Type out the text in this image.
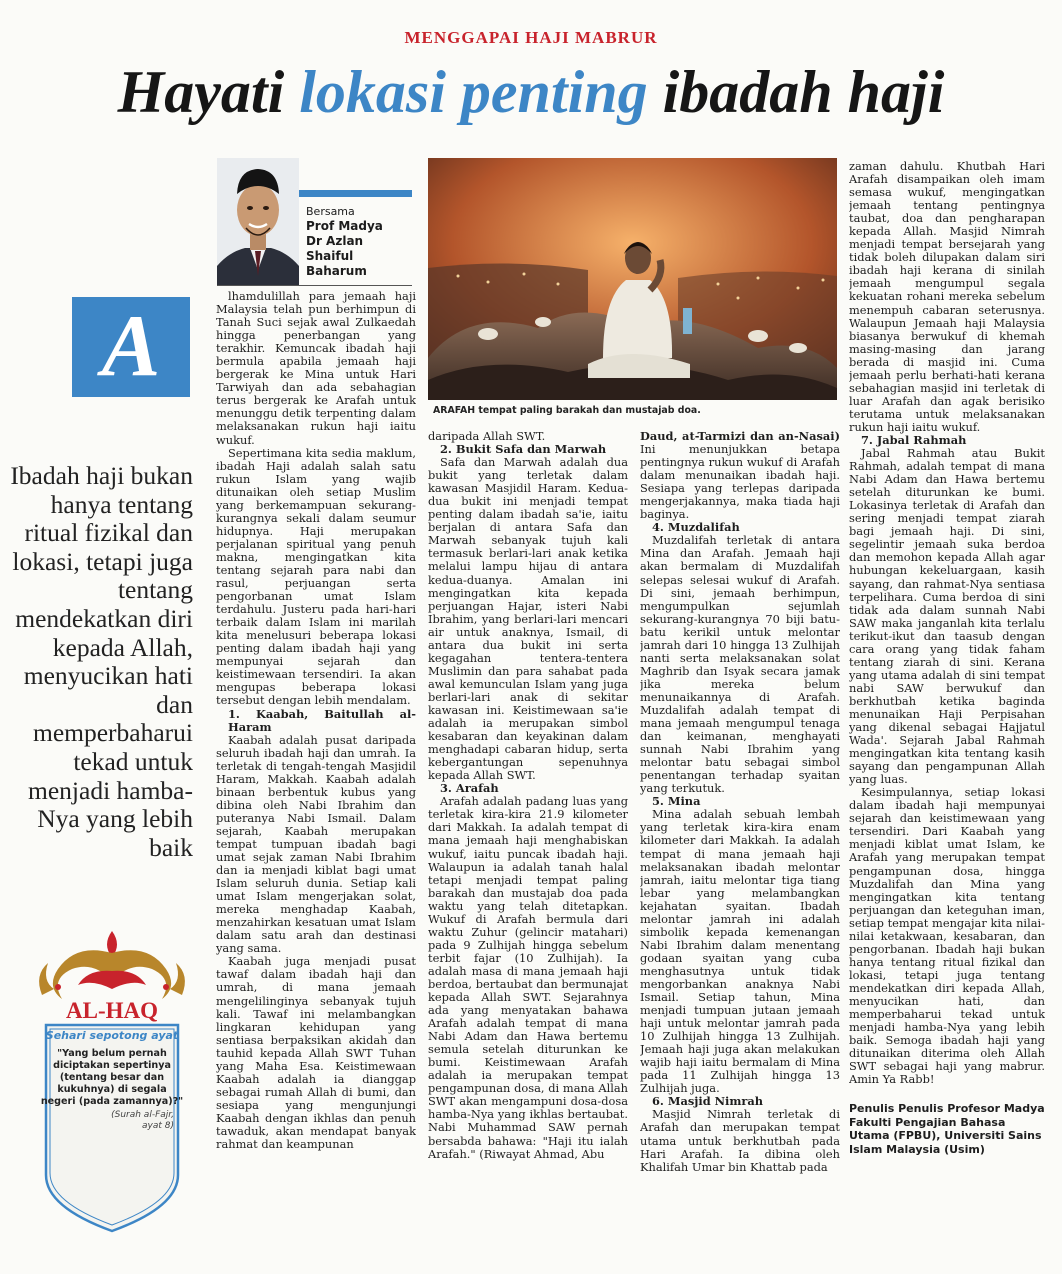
MENGGAPAI HAJI MABRUR
Hayati lokasi penting ibadah haji
Bersama
Prof Madya
Dr Azlan Shaiful
Baharum
A
Ibadah haji bukan hanya tentang ritual fizikal dan lokasi, tetapi juga tentang mendekatkan diri kepada Allah, menyucikan hati dan memperbaharui tekad untuk menjadi hamba-Nya yang lebih baik
AL-HAQ
Sehari sepotong ayat
"Yang belum pernah diciptakan sepertinya (tentang besar dan kukuhnya) di segala negeri (pada zamannya)?"
(Surah al-Fajr,
ayat 8)
ARAFAH tempat paling barakah dan mustajab doa.

lhamdulillah para jemaah haji Malaysia telah pun berhimpun di Tanah Suci sejak awal Zulkaedah hingga penerbangan yang terakhir. Kemuncak ibadah haji bermula apabila jemaah haji bergerak ke Mina untuk Hari Tarwiyah dan ada sebahagian terus bergerak ke Arafah untuk menunggu detik terpenting dalam melaksanakan rukun haji iaitu wukuf.

Sepertimana kita sedia maklum, ibadah Haji adalah salah satu rukun Islam yang wajib ditunaikan oleh setiap Muslim yang berkemampuan sekurang-kurangnya sekali dalam seumur hidupnya. Haji merupakan perjalanan spiritual yang penuh makna, mengingatkan kita tentang sejarah para nabi dan rasul, perjuangan serta pengorbanan umat Islam terdahulu. Justeru pada hari-hari terbaik dalam Islam ini marilah kita menelusuri beberapa lokasi penting dalam ibadah haji yang mempunyai sejarah dan keistimewaan tersendiri. Ia akan mengupas beberapa lokasi tersebut dengan lebih mendalam.

1. Kaabah, Baitullah al-Haram

Kaabah adalah pusat daripada seluruh ibadah haji dan umrah. Ia terletak di tengah-tengah Masjidil Haram, Makkah. Kaabah adalah binaan berbentuk kubus yang dibina oleh Nabi Ibrahim dan puteranya Nabi Ismail. Dalam sejarah, Kaabah merupakan tempat tumpuan ibadah bagi umat sejak zaman Nabi Ibrahim dan ia menjadi kiblat bagi umat Islam seluruh dunia. Setiap kali umat Islam mengerjakan solat, mereka menghadap Kaabah, menzahirkan kesatuan umat Islam dalam satu arah dan destinasi yang sama.

Kaabah juga menjadi pusat tawaf dalam ibadah haji dan umrah, di mana jemaah mengelilinginya sebanyak tujuh kali. Tawaf ini melambangkan lingkaran kehidupan yang sentiasa berpaksikan akidah dan tauhid kepada Allah SWT Tuhan yang Maha Esa. Keistimewaan Kaabah adalah ia dianggap sebagai rumah Allah di bumi, dan sesiapa yang mengunjungi Kaabah dengan ikhlas dan penuh tawaduk, akan mendapat banyak rahmat dan keampunan

daripada Allah SWT.

2. Bukit Safa dan Marwah

Safa dan Marwah adalah dua bukit yang terletak dalam kawasan Masjidil Haram. Kedua-dua bukit ini menjadi tempat penting dalam ibadah sa'ie, iaitu berjalan di antara Safa dan Marwah sebanyak tujuh kali termasuk berlari-lari anak ketika melalui lampu hijau di antara kedua-duanya. Amalan ini mengingatkan kita kepada perjuangan Hajar, isteri Nabi Ibrahim, yang berlari-lari mencari air untuk anaknya, Ismail, di antara dua bukit ini serta kegagahan tentera-tentera Muslimin dan para sahabat pada awal kemunculan Islam yang juga berlari-lari anak di sekitar kawasan ini. Keistimewaan sa'ie adalah ia merupakan simbol kesabaran dan keyakinan dalam menghadapi cabaran hidup, serta kebergantungan sepenuhnya kepada Allah SWT.

3. Arafah

Arafah adalah padang luas yang terletak kira-kira 21.9 kilometer dari Makkah. Ia adalah tempat di mana jemaah haji menghabiskan wukuf, iaitu puncak ibadah haji. Walaupun ia adalah tanah halal tetapi menjadi tempat paling barakah dan mustajab doa pada waktu yang telah ditetapkan. Wukuf di Arafah bermula dari waktu Zuhur (gelincir matahari) pada 9 Zulhijah hingga sebelum terbit fajar (10 Zulhijah). Ia adalah masa di mana jemaah haji berdoa, bertaubat dan bermunajat kepada Allah SWT. Sejarahnya ada yang menyatakan bahawa Arafah adalah tempat di mana Nabi Adam dan Hawa bertemu semula setelah diturunkan ke bumi. Keistimewaan Arafah adalah ia merupakan tempat pengampunan dosa, di mana Allah SWT akan mengampuni dosa-dosa hamba-Nya yang ikhlas bertaubat. Nabi Muhammad SAW pernah bersabda bahawa: "Haji itu ialah Arafah." (Riwayat Ahmad, Abu

Daud, at-Tarmizi dan an-Nasai) Ini menunjukkan betapa pentingnya rukun wukuf di Arafah dalam menunaikan ibadah haji. Sesiapa yang terlepas daripada mengerjakannya, maka tiada haji baginya.

4. Muzdalifah

Muzdalifah terletak di antara Mina dan Arafah. Jemaah haji akan bermalam di Muzdalifah selepas selesai wukuf di Arafah. Di sini, jemaah berhimpun, mengumpulkan sejumlah sekurang-kurangnya 70 biji batu-batu kerikil untuk melontar jamrah dari 10 hingga 13 Zulhijah nanti serta melaksanakan solat Maghrib dan Isyak secara jamak jika mereka belum menunaikannya di Arafah. Muzdalifah adalah tempat di mana jemaah mengumpul tenaga dan keimanan, menghayati sunnah Nabi Ibrahim yang melontar batu sebagai simbol penentangan terhadap syaitan yang terkutuk.

5. Mina

Mina adalah sebuah lembah yang terletak kira-kira enam kilometer dari Makkah. Ia adalah tempat di mana jemaah haji melaksanakan ibadah melontar jamrah, iaitu melontar tiga tiang lebar yang melambangkan kejahatan syaitan. Ibadah melontar jamrah ini adalah simbolik kepada kemenangan Nabi Ibrahim dalam menentang godaan syaitan yang cuba menghasutnya untuk tidak mengorbankan anaknya Nabi Ismail. Setiap tahun, Mina menjadi tumpuan jutaan jemaah haji untuk melontar jamrah pada 10 Zulhijah hingga 13 Zulhijah. Jemaah haji juga akan melakukan wajib haji iaitu bermalam di Mina pada 11 Zulhijah hingga 13 Zulhijah juga.

6. Masjid Nimrah

Masjid Nimrah terletak di Arafah dan merupakan tempat utama untuk berkhutbah pada Hari Arafah. Ia dibina oleh Khalifah Umar bin Khattab pada

zaman dahulu. Khutbah Hari Arafah disampaikan oleh imam semasa wukuf, mengingatkan jemaah tentang pentingnya taubat, doa dan pengharapan kepada Allah. Masjid Nimrah menjadi tempat bersejarah yang tidak boleh dilupakan dalam siri ibadah haji kerana di sinilah jemaah mengumpul segala kekuatan rohani mereka sebelum menempuh cabaran seterusnya. Walaupun Jemaah haji Malaysia biasanya berwukuf di khemah masing-masing dan jarang berada di masjid ini. Cuma jemaah perlu berhati-hati kerana sebahagian masjid ini terletak di luar Arafah dan agak berisiko terutama untuk melaksanakan rukun haji iaitu wukuf.

7. Jabal Rahmah

Jabal Rahmah atau Bukit Rahmah, adalah tempat di mana Nabi Adam dan Hawa bertemu setelah diturunkan ke bumi. Lokasinya terletak di Arafah dan sering menjadi tempat ziarah bagi jemaah haji. Di sini, segelintir jemaah suka berdoa dan memohon kepada Allah agar hubungan kekeluargaan, kasih sayang, dan rahmat-Nya sentiasa terpelihara. Cuma berdoa di sini tidak ada dalam sunnah Nabi SAW maka janganlah kita terlalu terikut-ikut dan taasub dengan cara orang yang tidak faham tentang ziarah di sini. Kerana yang utama adalah di sini tempat nabi SAW berwukuf dan berkhutbah ketika baginda menunaikan Haji Perpisahan yang dikenal sebagai Hajjatul Wada'. Sejarah Jabal Rahmah mengingatkan kita tentang kasih sayang dan pengampunan Allah yang luas.

Kesimpulannya, setiap lokasi dalam ibadah haji mempunyai sejarah dan keistimewaan yang tersendiri. Dari Kaabah yang menjadi kiblat umat Islam, ke Arafah yang merupakan tempat pengampunan dosa, hingga Muzdalifah dan Mina yang mengingatkan kita tentang perjuangan dan keteguhan iman, setiap tempat mengajar kita nilai-nilai ketakwaan, kesabaran, dan pengorbanan. Ibadah haji bukan hanya tentang ritual fizikal dan lokasi, tetapi juga tentang mendekatkan diri kepada Allah, menyucikan hati, dan memperbaharui tekad untuk menjadi hamba-Nya yang lebih baik. Semoga ibadah haji yang ditunaikan diterima oleh Allah SWT sebagai haji yang mabrur. Amin Ya Rabb!

Penulis Penulis Profesor Madya Fakulti Pengajian Bahasa Utama (FPBU), Universiti Sains Islam Malaysia (Usim)
